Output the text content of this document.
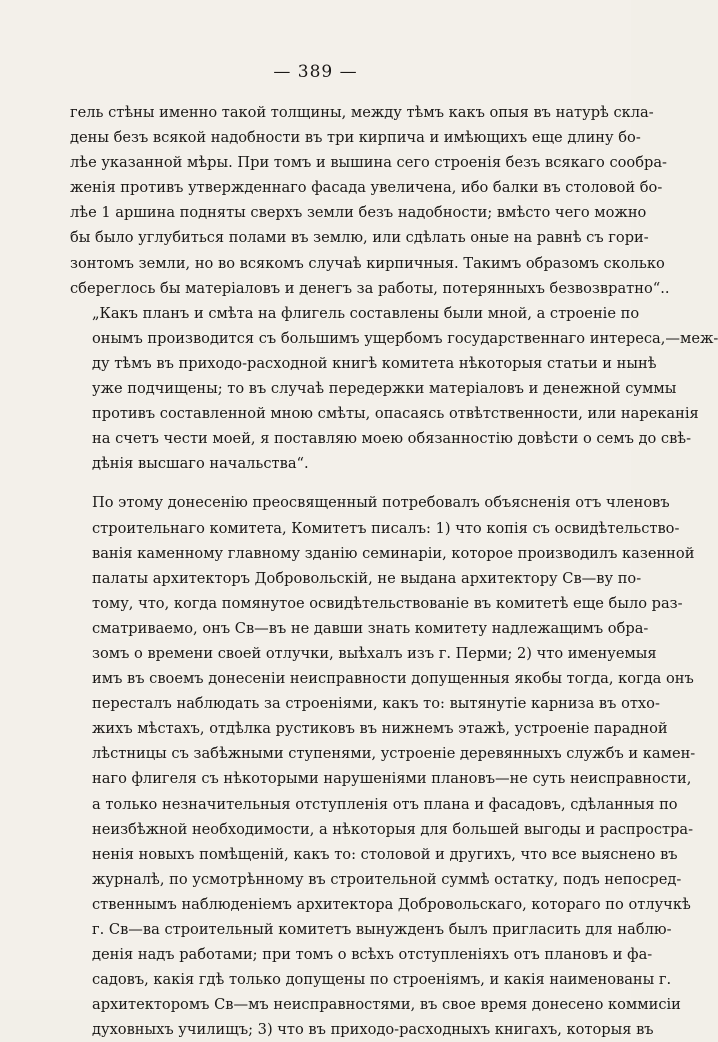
— 389 —

гель стѣны именно такой толщины, между тѣмъ какъ опыя въ натурѣ скла-
дены безъ всякой надобности въ три кирпича и имѣющихъ еще длину бо-
лѣе указанной мѣры. При томъ и вышина сего строенія безъ всякаго сообра-
женія противъ утвержденнаго фасада увеличена, ибо балки въ столовой бо-
лѣе 1 аршина подняты сверхъ земли безъ надобности; вмѣсто чего можно
бы было углубиться полами въ землю, или сдѣлать оные на равнѣ съ гори-
зонтомъ земли, но во всякомъ случаѣ кирпичныя. Такимъ образомъ сколько
сбереглось бы матеріаловъ и денегъ за работы, потерянныхъ безвозвратно“..

„Какъ планъ и смѣта на флигель составлены были мной, а строеніе по
онымъ производится съ большимъ ущербомъ государственнаго интереса,—меж-
ду тѣмъ въ приходо-расходной книгѣ комитета нѣкоторыя статьи и нынѣ
уже подчищены; то въ случаѣ передержки матеріаловъ и денежной суммы
противъ составленной мною смѣты, опасаясь отвѣтственности, или нареканія
на счетъ чести моей, я поставляю моею обязанностію довѣсти о семъ до свѣ-
дѣнія высшаго начальства“.

По этому донесенію преосвященный потребовалъ объясненія отъ членовъ
строительнаго комитета, Комитетъ писалъ: 1) что копія съ освидѣтельство-
ванія каменному главному зданію семинаріи, которое производилъ казенной
палаты архитекторъ Добровольскій, не выдана архитектору Св—ву по-
тому, что, когда помянутое освидѣтельствованіе въ комитетѣ еще было раз-
сматриваемо, онъ Св—въ не давши знать комитету надлежащимъ обра-
зомъ о времени своей отлучки, выѣхалъ изъ г. Перми; 2) что именуемыя
имъ въ своемъ донесеніи неисправности допущенныя якобы тогда, когда онъ
пересталъ наблюдать за строеніями, какъ то: вытянутіе карниза въ отхо-
жихъ мѣстахъ, отдѣлка рустиковъ въ нижнемъ этажѣ, устроеніе парадной
лѣстницы съ забѣжными ступенями, устроеніе деревянныхъ службъ и камен-
наго флигеля съ нѣкоторыми нарушеніями плановъ—не суть неисправности,
а только незначительныя отступленія отъ плана и фасадовъ, сдѣланныя по
неизбѣжной необходимости, а нѣкоторыя для большей выгоды и распростра-
ненія новыхъ помѣщеній, какъ то: столовой и другихъ, что все выяснено въ
журналѣ, по усмотрѣнному въ строительной суммѣ остатку, подъ непосред-
ственнымъ наблюденіемъ архитектора Добровольскаго, котораго по отлучкѣ
г. Св—ва строительный комитетъ вынужденъ былъ пригласить для наблю-
денія надъ работами; при томъ о всѣхъ отступленіяхъ отъ плановъ и фа-
садовъ, какія гдѣ только допущены по строеніямъ, и какія наименованы г.
архитекторомъ Св—мъ неисправностями, въ свое время донесено коммисіи
духовныхъ училищъ; 3) что въ приходо-расходныхъ книгахъ, которыя въ
